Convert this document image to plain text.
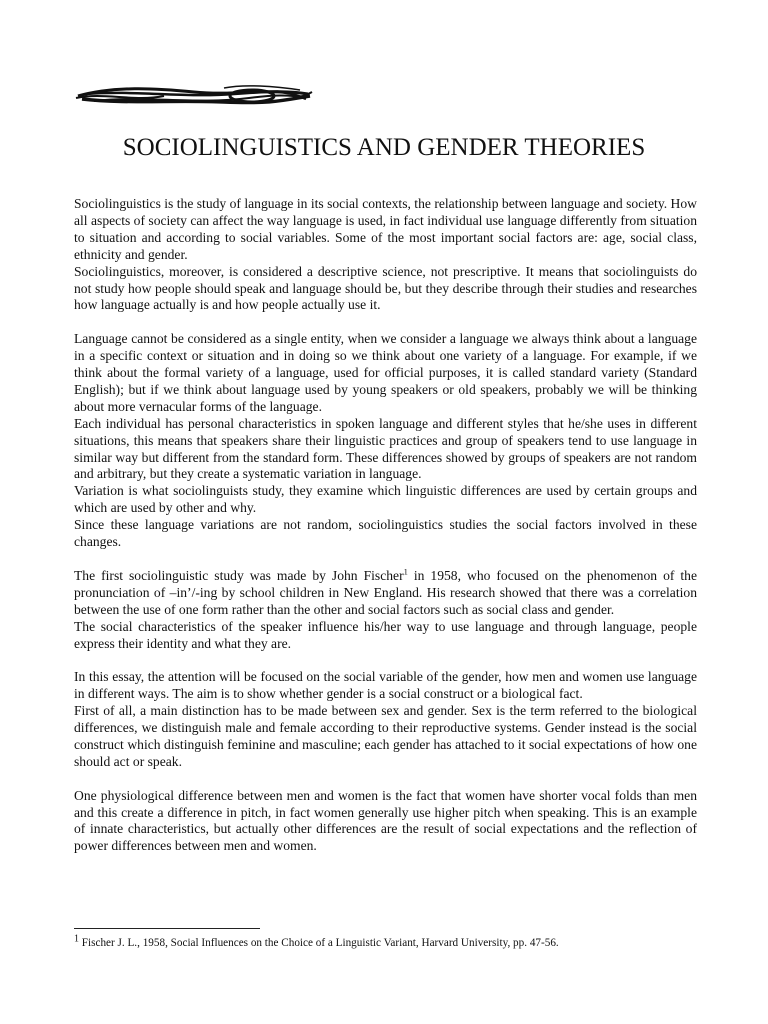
SOCIOLINGUISTICS AND GENDER THEORIES

Sociolinguistics is the study of language in its social contexts, the relationship between language and society. How all aspects of society can affect the way language is used, in fact individual use language differently from situation to situation and according to social variables. Some of the most important social factors are: age, social class, ethnicity and gender.

Sociolinguistics, moreover, is considered a descriptive science, not prescriptive. It means that sociolinguists do not study how people should speak and language should be, but they describe through their studies and researches how language actually is and how people actually use it.

Language cannot be considered as a single entity, when we consider a language we always think about a language in a specific context or situation and in doing so we think about one variety of a language. For example, if we think about the formal variety of a language, used for official purposes, it is called standard variety (Standard English); but if we think about language used by young speakers or old speakers, probably we will be thinking about more vernacular forms of the language.

Each individual has personal characteristics in spoken language and different styles that he/she uses in different situations, this means that speakers share their linguistic practices and group of speakers tend to use language in similar way but different from the standard form. These differences showed by groups of speakers are not random and arbitrary, but they create a systematic variation in language.

Variation is what sociolinguists study, they examine which linguistic differences are used by certain groups and which are used by other and why.

Since these language variations are not random, sociolinguistics studies the social factors involved in these changes.

The first sociolinguistic study was made by John Fischer$^1$ in 1958, who focused on the phenomenon of the pronunciation of –in’/-ing by school children in New England. His research showed that there was a correlation between the use of one form rather than the other and social factors such as social class and gender.

The social characteristics of the speaker influence his/her way to use language and through language, people express their identity and what they are.

In this essay, the attention will be focused on the social variable of the gender, how men and women use language in different ways. The aim is to show whether gender is a social construct or a biological fact.

First of all, a main distinction has to be made between sex and gender. Sex is the term referred to the biological differences, we distinguish male and female according to their reproductive systems. Gender instead is the social construct which distinguish feminine and masculine; each gender has attached to it social expectations of how one should act or speak.

One physiological difference between men and women is the fact that women have shorter vocal folds than men and this create a difference in pitch, in fact women generally use higher pitch when speaking. This is an example of innate characteristics, but actually other differences are the result of social expectations and the reflection of power differences between men and women.

$^1$ Fischer J. L., 1958, Social Influences on the Choice of a Linguistic Variant, Harvard University, pp. 47-56.
